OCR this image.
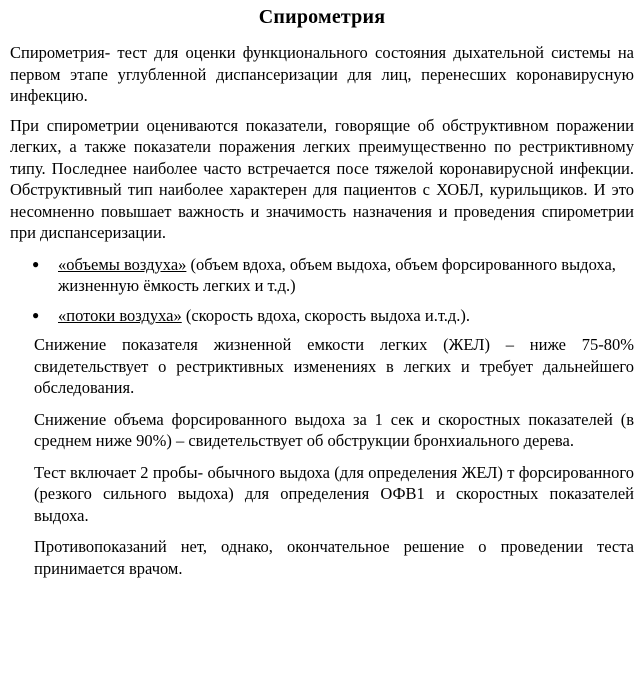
Спирометрия

Спирометрия- тест для оценки функционального состояния дыхательной системы на первом этапе углубленной диспансеризации для лиц, перенесших коронавирусную инфекцию.

При спирометрии оцениваются показатели, говорящие об обструктивном поражении легких, а также показатели поражения легких преимущественно по рестриктивному типу. Последнее наиболее часто встречается посе тяжелой коронавирусной инфекции. Обструктивный тип наиболее характерен для пациентов с ХОБЛ, курильщиков. И это несомненно повышает важность и значимость назначения и проведения спирометрии при диспансеризации.

● «объемы воздуха» (объем вдоха, объем выдоха, объем форсированного выдоха, жизненную ёмкость легких и т.д.)
● «потоки воздуха» (скорость вдоха, скорость выдоха и.т.д.).

Снижение показателя жизненной емкости легких (ЖЕЛ) – ниже 75-80% свидетельствует о рестриктивных изменениях в легких и требует дальнейшего обследования.

Снижение объема форсированного выдоха за 1 сек и скоростных показателей (в среднем ниже 90%) – свидетельствует об обструкции бронхиального дерева.

Тест включает 2 пробы- обычного выдоха (для определения ЖЕЛ) т форсированного (резкого сильного выдоха) для определения ОФВ1 и скоростных показателей выдоха.

Противопоказаний нет, однако, окончательное решение о проведении теста принимается врачом.
